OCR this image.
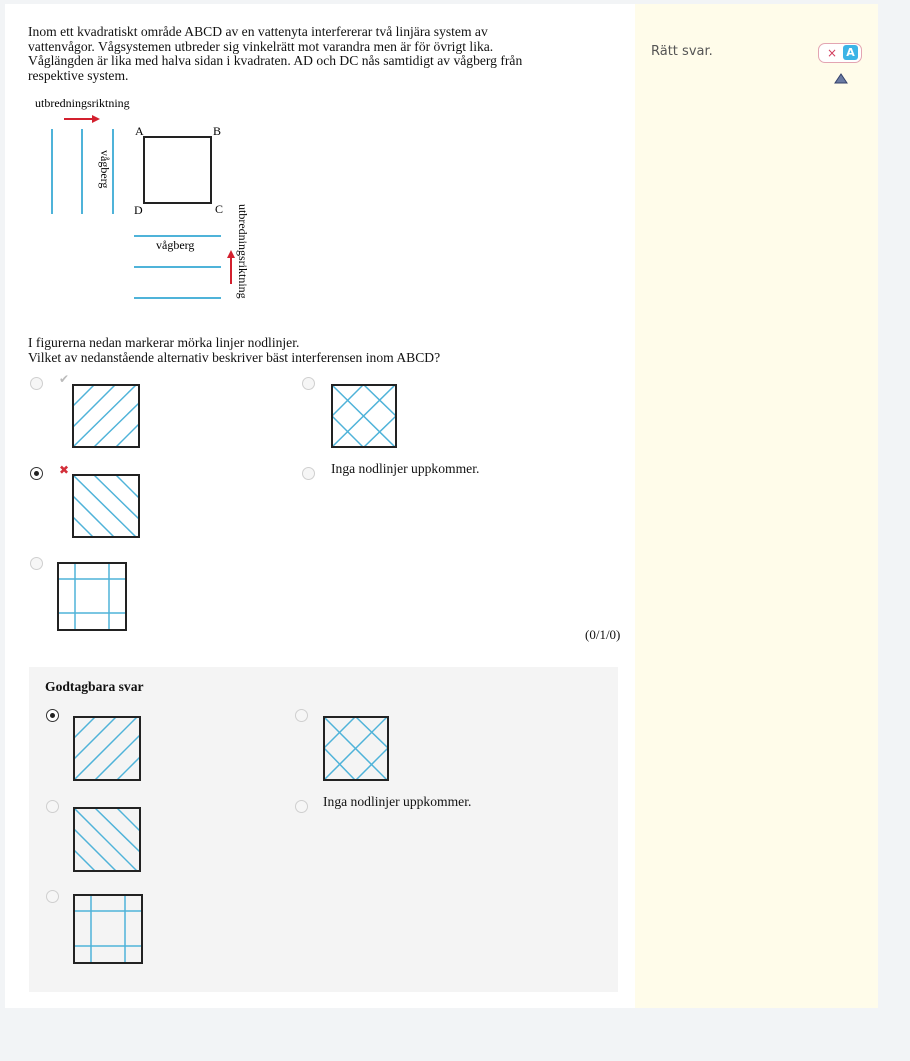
Inom ett kvadratiskt område ABCD av en vattenyta interfererar två linjära system av

vattenvågor. Vågsystemen utbreder sig vinkelrätt mot varandra men är för övrigt lika.

Våglängden är lika med halva sidan i kvadraten. AD och DC nås samtidigt av vågberg från

respektive system.

utbredningsriktning
vågberg
A	B
D	C
vågberg	utbredningsriktning
I figurerna nedan markerar mörka linjer nodlinjer.
Vilket av nedanstående alternativ beskriver bäst interferensen inom ABCD?
✔
✖	Inga nodlinjer uppkommer.
(0/1/0)
Godtagbara svar
Inga nodlinjer uppkommer.
Rätt svar.	× A
